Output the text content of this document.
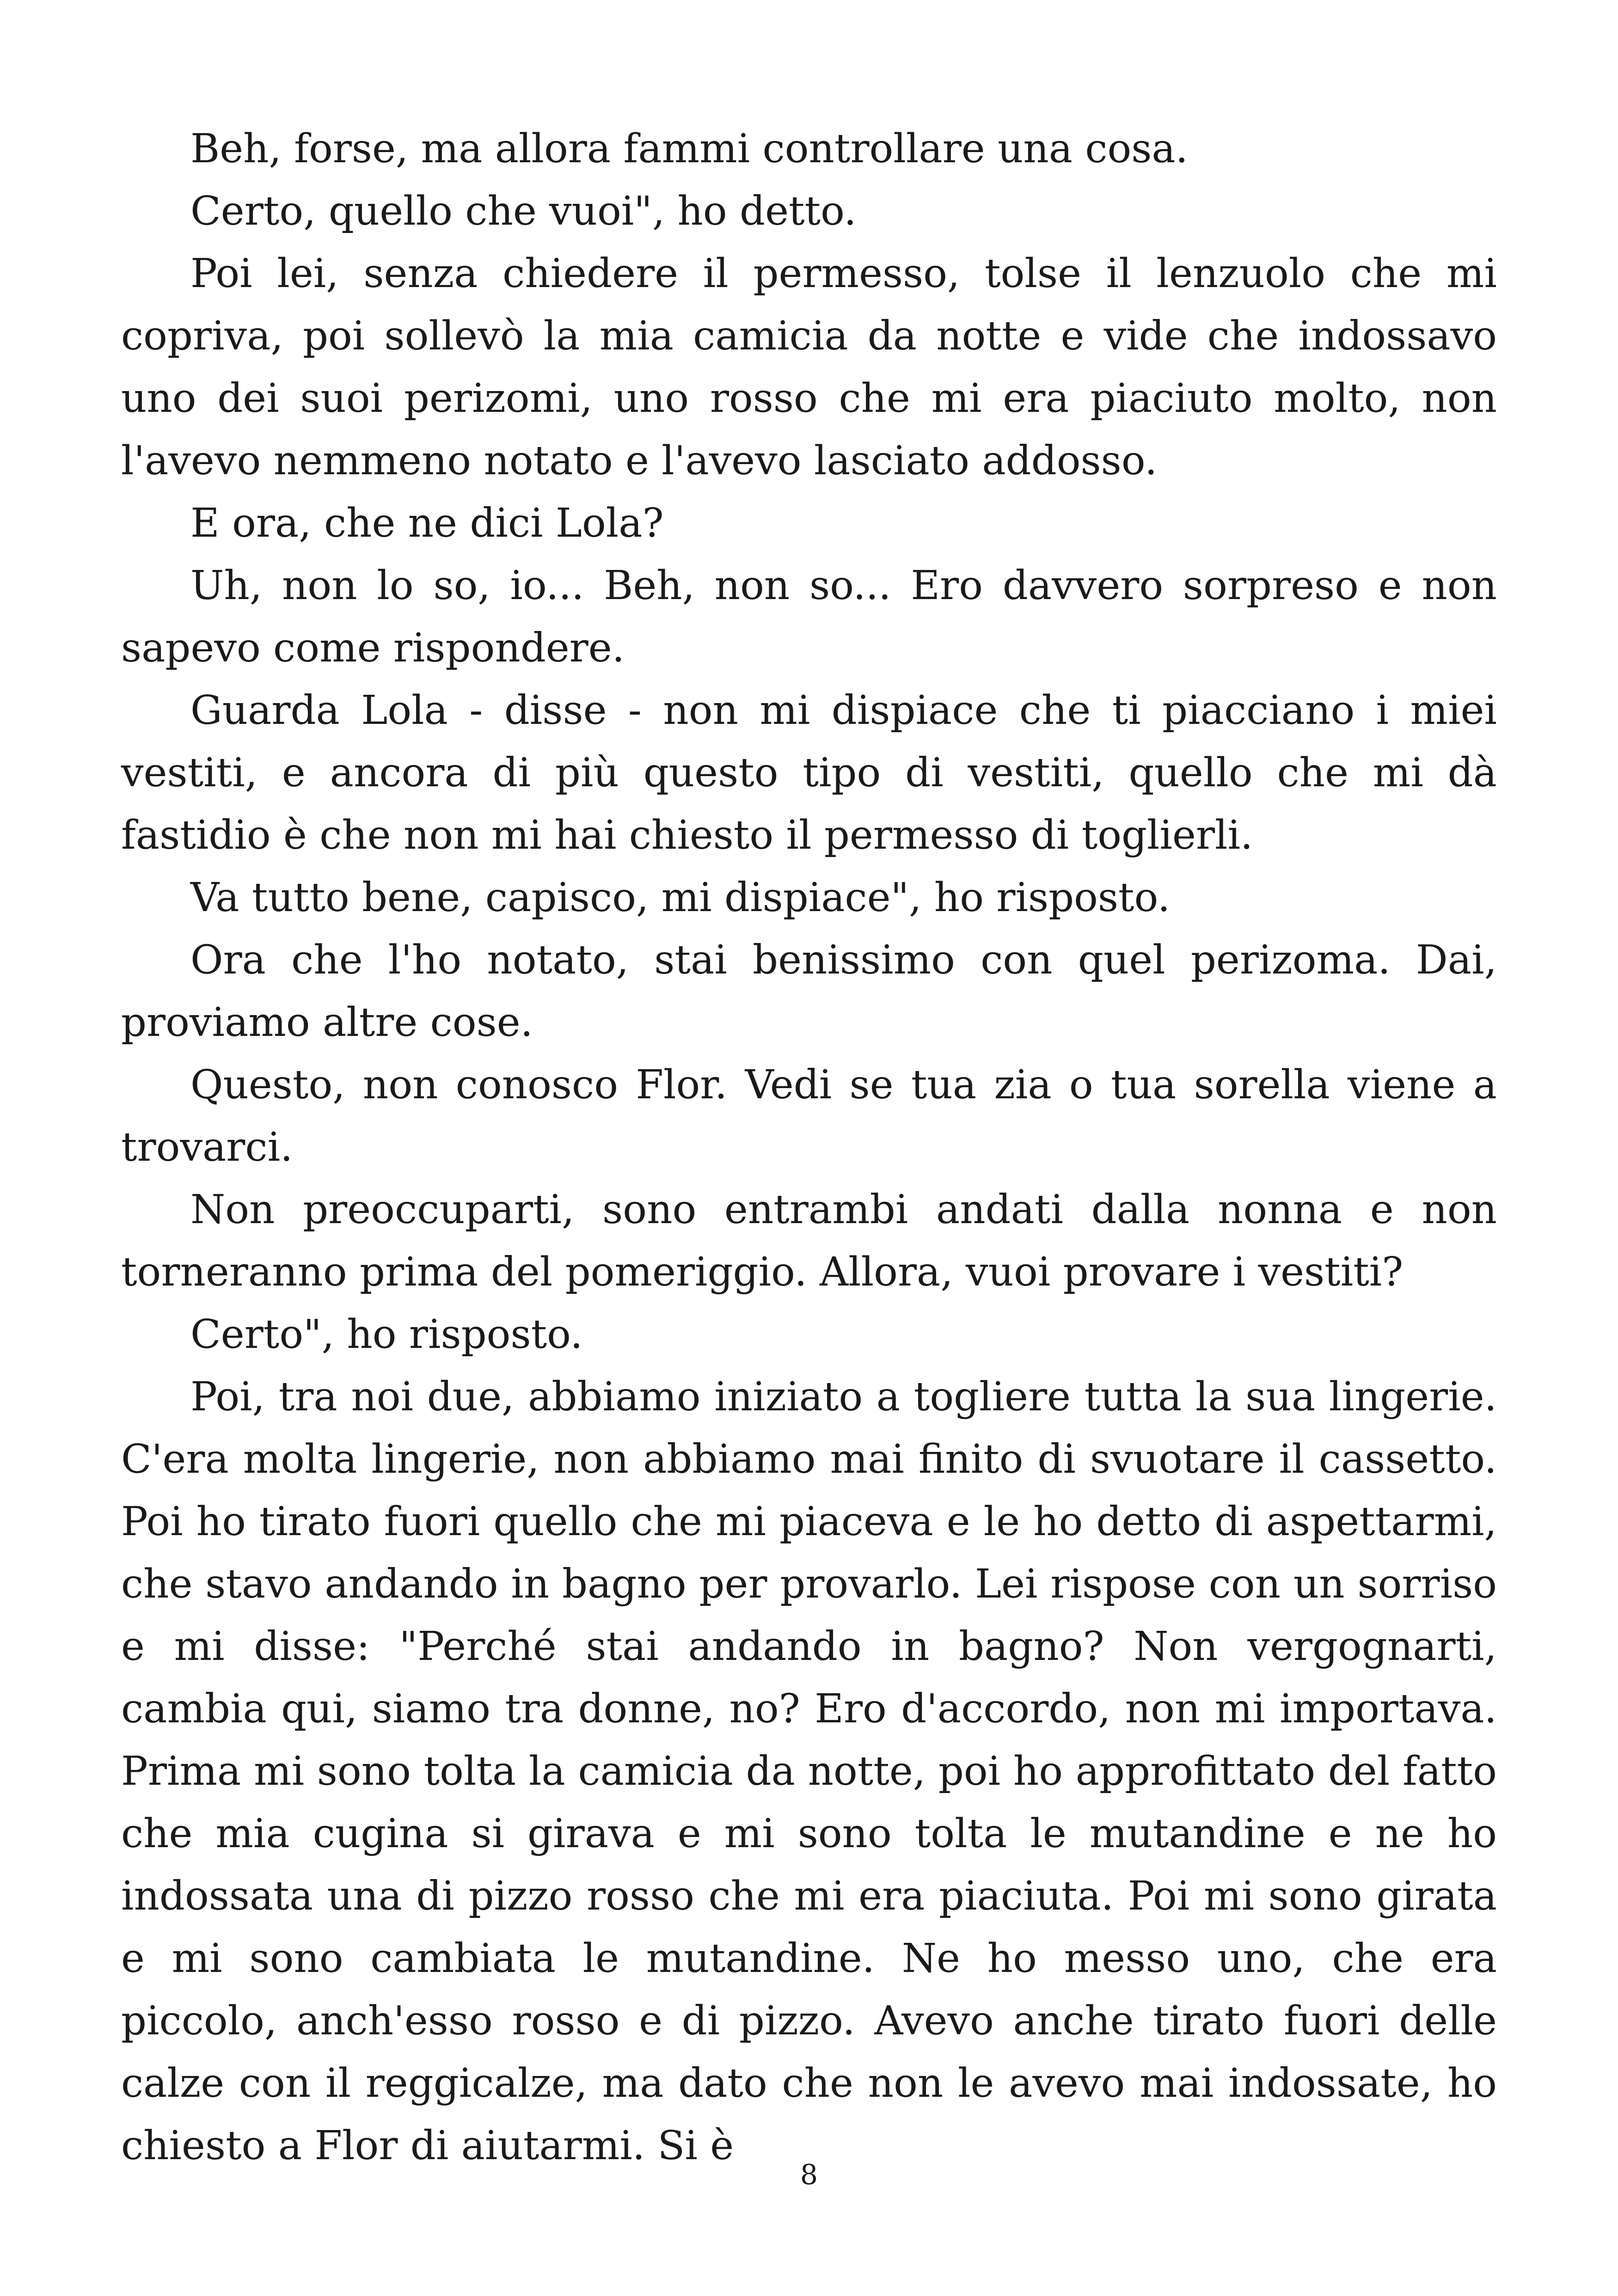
Beh, forse, ma allora fammi controllare una cosa.

Certo, quello che vuoi", ho detto.

Poi lei, senza chiedere il permesso, tolse il lenzuolo che mi copriva, poi sollevò la mia camicia da notte e vide che indossavo uno dei suoi perizomi, uno rosso che mi era piaciuto molto, non l'avevo nemmeno notato e l'avevo lasciato addosso.

E ora, che ne dici Lola?

Uh, non lo so, io... Beh, non so... Ero davvero sorpreso e non sapevo come rispondere.

Guarda Lola - disse - non mi dispiace che ti piacciano i miei vestiti, e ancora di più questo tipo di vestiti, quello che mi dà fastidio è che non mi hai chiesto il permesso di toglierli.

Va tutto bene, capisco, mi dispiace", ho risposto.

Ora che l'ho notato, stai benissimo con quel perizoma. Dai, proviamo altre cose.

Questo, non conosco Flor. Vedi se tua zia o tua sorella viene a trovarci.

Non preoccuparti, sono entrambi andati dalla nonna e non torneranno prima del pomeriggio. Allora, vuoi provare i vestiti?

Certo", ho risposto.

Poi, tra noi due, abbiamo iniziato a togliere tutta la sua lingerie. C'era molta lingerie, non abbiamo mai finito di svuotare il cassetto. Poi ho tirato fuori quello che mi piaceva e le ho detto di aspettarmi, che stavo andando in bagno per provarlo. Lei rispose con un sorriso e mi disse: "Perché stai andando in bagno? Non vergognarti, cambia qui, siamo tra donne, no? Ero d'accordo, non mi importava. Prima mi sono tolta la camicia da notte, poi ho approfittato del fatto che mia cugina si girava e mi sono tolta le mutandine e ne ho indossata una di pizzo rosso che mi era piaciuta. Poi mi sono girata e mi sono cambiata le mutandine. Ne ho messo uno, che era piccolo, anch'esso rosso e di pizzo. Avevo anche tirato fuori delle calze con il reggicalze, ma dato che non le avevo mai indossate, ho chiesto a Flor di aiutarmi. Si è

8
